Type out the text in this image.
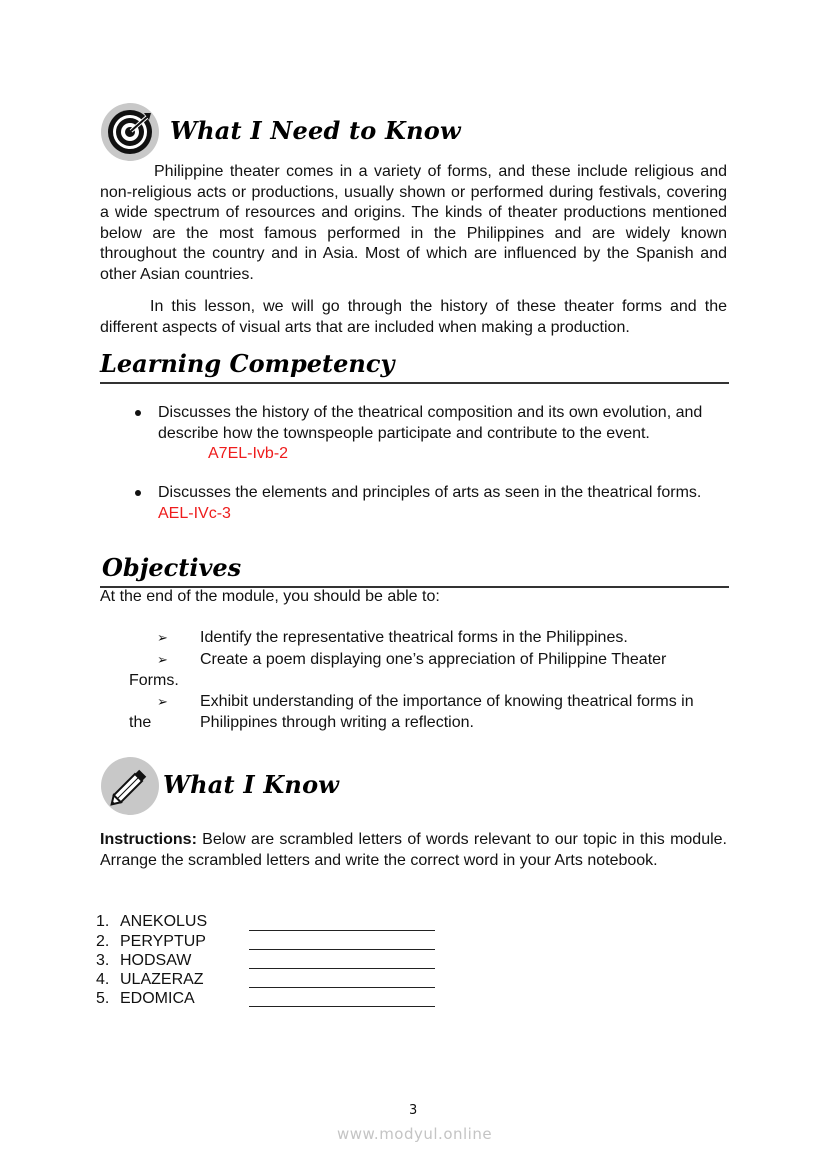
What I Need to Know
Philippine theater comes in a variety of forms, and these include religious and non-religious acts or productions, usually shown or performed during festivals, covering a wide spectrum of resources and origins. The kinds of theater productions mentioned below are the most famous performed in the Philippines and are widely known throughout the country and in Asia. Most of which are influenced by the Spanish and other Asian countries.
In this lesson, we will go through the history of these theater forms and the different aspects of visual arts that are included when making a production.
Learning Competency
Discusses the history of the theatrical composition and its own evolution, and describe how the townspeople participate and contribute to the event.
A7EL-Ivb-2
Discusses the elements and principles of arts as seen in the theatrical forms.
AEL-IVc-3
Objectives
At the end of the module, you should be able to:
➢ Identify the representative theatrical forms in the Philippines.
➢ Create a poem displaying one’s appreciation of Philippine Theater
Forms.
➢ Exhibit understanding of the importance of knowing theatrical forms in
the	Philippines through writing a reflection.
What I Know
Instructions: Below are scrambled letters of words relevant to our topic in this module. Arrange the scrambled letters and write the correct word in your Arts notebook.
1. ANEKOLUS
2. PERYPTUP
3. HODSAW
4. ULAZERAZ
5. EDOMICA
3
www.modyul.online
